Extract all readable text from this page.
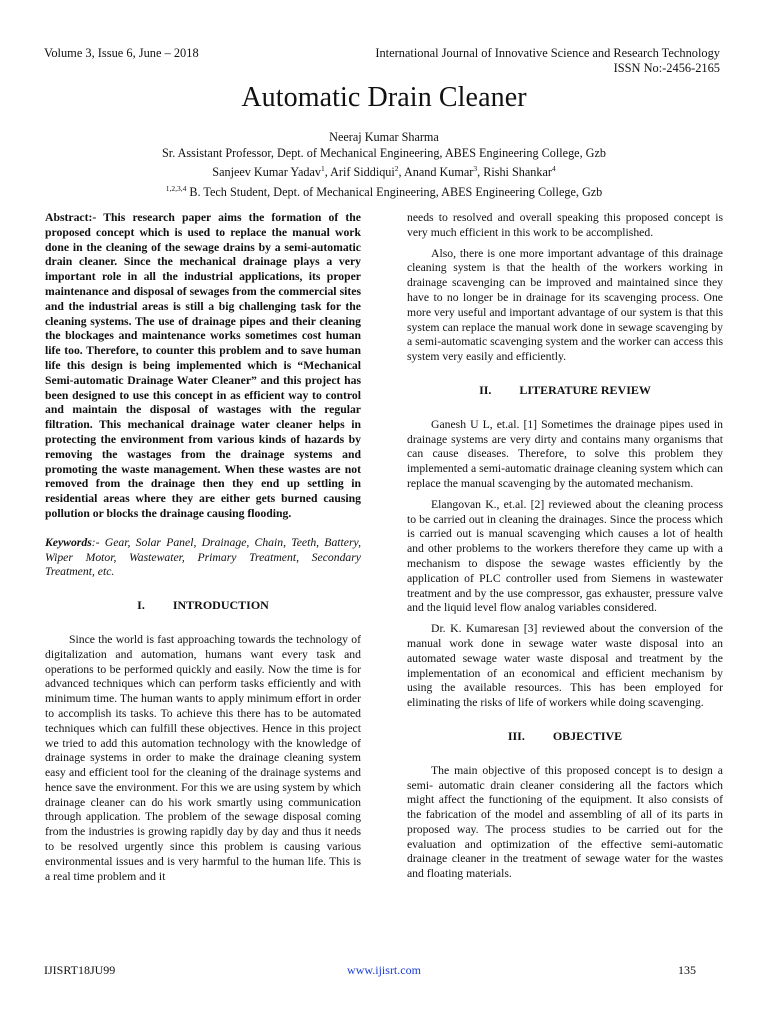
Volume 3, Issue 6, June – 2018	International Journal of Innovative Science and Research Technology
ISSN No:-2456-2165
Automatic Drain Cleaner
Neeraj Kumar Sharma
Sr. Assistant Professor, Dept. of Mechanical Engineering, ABES Engineering College, Gzb
Sanjeev Kumar Yadav$^1$, Arif Siddiqui$^2$, Anand Kumar$^3$, Rishi Shankar$^4$
$^{1,2,3,4}$ B. Tech Student, Dept. of Mechanical Engineering, ABES Engineering College, Gzb

Abstract:- This research paper aims the formation of the proposed concept which is used to replace the manual work done in the cleaning of the sewage drains by a semi-automatic drain cleaner. Since the mechanical drainage plays a very important role in all the industrial applications, its proper maintenance and disposal of sewages from the commercial sites and the industrial areas is still a big challenging task for the cleaning systems. The use of drainage pipes and their cleaning the blockages and maintenance works sometimes cost human life too. Therefore, to counter this problem and to save human life this design is being implemented which is “Mechanical Semi-automatic Drainage Water Cleaner” and this project has been designed to use this concept in as efficient way to control and maintain the disposal of wastages with the regular filtration. This mechanical drainage water cleaner helps in protecting the environment from various kinds of hazards by removing the wastages from the drainage systems and promoting the waste management. When these wastes are not removed from the drainage then they end up settling in residential areas where they are either gets burned causing pollution or blocks the drainage causing flooding.

Keywords:- Gear, Solar Panel, Drainage, Chain, Teeth, Battery, Wiper Motor, Wastewater, Primary Treatment, Secondary Treatment, etc.

I. INTRODUCTION

Since the world is fast approaching towards the technology of digitalization and automation, humans want every task and operations to be performed quickly and easily. Now the time is for advanced techniques which can perform tasks efficiently and with minimum time. The human wants to apply minimum effort in order to accomplish its tasks. To achieve this there has to be automated techniques which can fulfill these objectives. Hence in this project we tried to add this automation technology with the knowledge of drainage systems in order to make the drainage cleaning system easy and efficient tool for the cleaning of the drainage systems and hence save the environment. For this we are using system by which drainage cleaner can do his work smartly using communication through application. The problem of the sewage disposal coming from the industries is growing rapidly day by day and thus it needs to be resolved urgently since this problem is causing various environmental issues and is very harmful to the human life. This is a real time problem and it

needs to resolved and overall speaking this proposed concept is very much efficient in this work to be accomplished.

Also, there is one more important advantage of this drainage cleaning system is that the health of the workers working in drainage scavenging can be improved and maintained since they have to no longer be in drainage for its scavenging process. One more very useful and important advantage of our system is that this system can replace the manual work done in sewage scavenging by a semi-automatic scavenging system and the worker can access this system very easily and efficiently.

II. LITERATURE REVIEW

Ganesh U L, et.al. [1] Sometimes the drainage pipes used in drainage systems are very dirty and contains many organisms that can cause diseases. Therefore, to solve this problem they implemented a semi-automatic drainage cleaning system which can replace the manual scavenging by the automated mechanism.

Elangovan K., et.al. [2] reviewed about the cleaning process to be carried out in cleaning the drainages. Since the process which is carried out is manual scavenging which causes a lot of health and other problems to the workers therefore they came up with a mechanism to dispose the sewage wastes efficiently by the application of PLC controller used from Siemens in wastewater treatment and by the use compressor, gas exhauster, pressure valve and the liquid level flow analog variables considered.

Dr. K. Kumaresan [3] reviewed about the conversion of the manual work done in sewage water waste disposal into an automated sewage water waste disposal and treatment by the implementation of an economical and efficient mechanism by using the available resources. This has been employed for eliminating the risks of life of workers while doing scavenging.

III. OBJECTIVE

The main objective of this proposed concept is to design a semi- automatic drain cleaner considering all the factors which might affect the functioning of the equipment. It also consists of the fabrication of the model and assembling of all of its parts in proposed way. The process studies to be carried out for the evaluation and optimization of the effective semi-automatic drainage cleaner in the treatment of sewage water for the wastes and floating materials.

IJISRT18JU99	www.ijisrt.com	135
